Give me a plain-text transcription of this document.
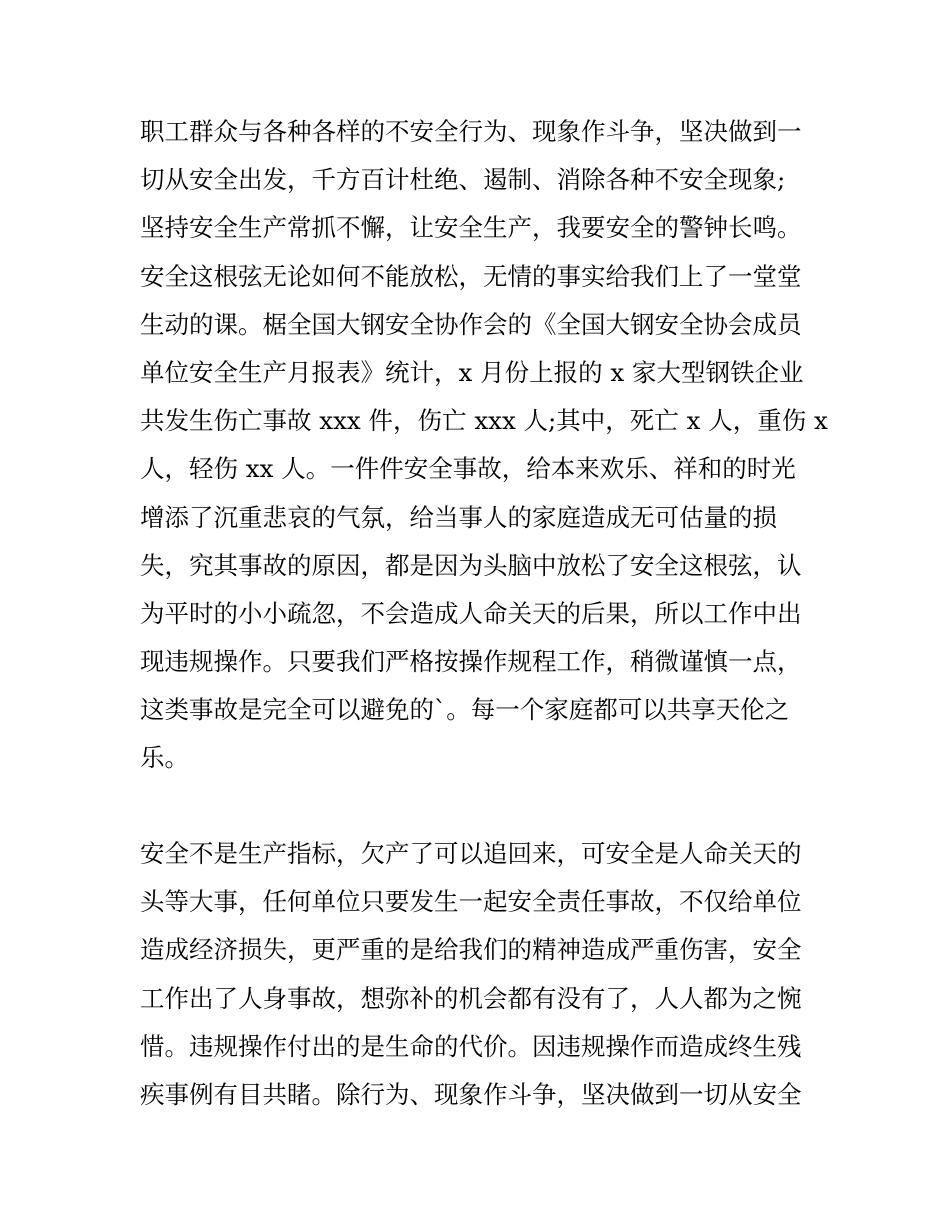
职工群众与各种各样的不安全行为、现象作斗争，坚决做到一
切从安全出发，千方百计杜绝、遏制、消除各种不安全现象;
坚持安全生产常抓不懈，让安全生产，我要安全的警钟长鸣。
安全这根弦无论如何不能放松，无情的事实给我们上了一堂堂
生动的课。椐全国大钢安全协作会的《全国大钢安全协会成员
单位安全生产月报表》统计，x 月份上报的 x 家大型钢铁企业
共发生伤亡事故 xxx 件，伤亡 xxx 人;其中，死亡 x 人，重伤 x
人，轻伤 xx 人。一件件安全事故，给本来欢乐、祥和的时光
增添了沉重悲哀的气氛，给当事人的家庭造成无可估量的损
失，究其事故的原因，都是因为头脑中放松了安全这根弦，认
为平时的小小疏忽，不会造成人命关天的后果，所以工作中出
现违规操作。只要我们严格按操作规程工作，稍微谨慎一点，
这类事故是完全可以避免的`。每一个家庭都可以共享天伦之
乐。
安全不是生产指标，欠产了可以追回来，可安全是人命关天的
头等大事，任何单位只要发生一起安全责任事故，不仅给单位
造成经济损失，更严重的是给我们的精神造成严重伤害，安全
工作出了人身事故，想弥补的机会都有没有了，人人都为之惋
惜。违规操作付出的是生命的代价。因违规操作而造成终生残
疾事例有目共睹。除行为、现象作斗争，坚决做到一切从安全
